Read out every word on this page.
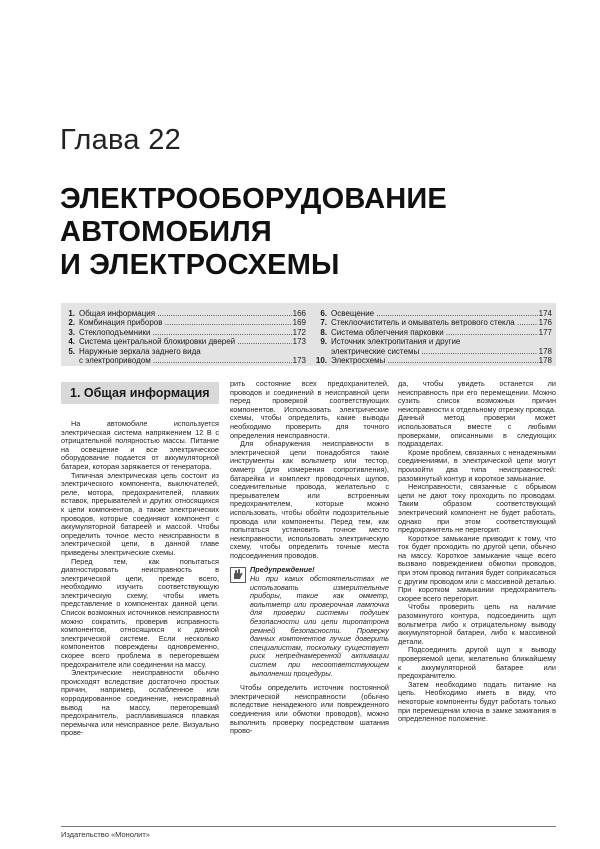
Глава 22
ЭЛЕКТРООБОРУДОВАНИЕ
АВТОМОБИЛЯ
И ЭЛЕКТРОСХЕМЫ
1. Общая информация .....	166
2. Комбинация приборов .....	169
3. Стеклоподъемники .....	172
4. Система центральной блокировки дверей .....	173
5. Наружные зеркала заднего вида
с электроприводом .....	173
6. Освещение .....	174
7. Стеклоочиститель и омыватель ветрового стекла .....	176
8. Система облегчения парковки .....	177
9. Источник электропитания и другие
электрические системы .....	178
10. Электросхемы .....	178
1. Общая информация

На автомобиле используется электрическая система напряжением 12 В с отрицательной полярностью массы. Питание на освещение и все электрическое оборудование подается от аккумуляторной батареи, которая заряжается от генератора.

Типичная электрическая цепь состоит из электрического компонента, выключателей, реле, мотора, предохранителей, плавких вставок, прерывателей и других относящихся к цепи компонентов, а также электрических проводов, которые соединяют компонент с аккумуляторной батареей и массой. Чтобы определить точное место неисправности в электрической цепи, в данной главе приведены электрические схемы.

Перед тем, как попытаться диагностировать неисправность в электрической цепи, прежде всего, необходимо изучить соответствующую электрическую схему, чтобы иметь представление о компонентах данной цепи. Список возможных источников неисправности можно сократить, проверив исправность компонентов, относящихся к данной электрической системе. Если несколько компонентов повреждены одновременно, скорее всего проблема в перегоревшем предохранителе или соединении на массу.

Электрические неисправности обычно происходят вследствие достаточно простых причин, например, ослабленное или корродированное соединение, неисправный вывод на массу, перегоревший предохранитель, расплавившаяся плавкая перемычка или неисправное реле. Визуально прове-

рить состояние всех предохранителей, проводов и соединений в неисправной цепи перед проверкой соответствующих компонентов. Использовать электрические схемы, чтобы определить, какие выводы необходимо проверить для точного определения неисправности.

Для обнаружения неисправности в электрической цепи понадобятся такие инструменты как вольтметр или тестор, омметр (для измерения сопротивления), батарейка и комплект проводочных щупов, соединительные провода, желательно с прерывателем или встроенным предохранителем, которые можно использовать, чтобы обойти подозрительные провода или компоненты. Перед тем, как попытаться установить точное место неисправности, использовать электрическую схему, чтобы определить точные места подсоединения проводов.

Предупреждение!

Ни при каких обстоятельствах не использовать измерительные приборы, такие как омметр, вольтметр или проверочная лампочка для проверки системы подушек безопасности или цепи пиропатрона ремней безопасности. Проверку данных компонентов лучше доверить специалистам, поскольку существует риск непреднамеренной активации систем при несоответствующем выполнении процедуры.

Чтобы определить источник постоянной электрической неисправности (обычно вследствие ненадежного или поврежденного соединения или обмотки проводов), можно выполнить проверку посредством шатания прово-

да, чтобы увидеть останется ли неисправность при его перемещении. Можно сузить список возможных причин неисправности к отдельному отрезку провода. Данный метод проверки может использоваться вместе с любыми проверками, описанными в следующих подразделах.

Кроме проблем, связанных с ненадежными соединениями, в электрической цепи могут произойти два типа неисправностей: разомкнутый контур и короткое замыкание.

Неисправности, связанные с обрывом цепи не дают току проходить по проводам. Таким образом соответствующий электрический компонент не будет работать, однако при этом соответствующий предохранитель не перегорит.

Короткое замыкание приводит к тому, что ток будет проходить по другой цепи, обычно на массу. Короткое замыкание чаще всего вызвано повреждением обмотки проводов, при этом провод питания будет соприкасаться с другим проводом или с массивной деталью. При коротком замыкании предохранитель скорее всего перегорит.

Чтобы проверить цепь на наличие разомкнутого контура, подсоединить щуп вольтметра либо к отрицательному выводу аккумуляторной батареи, либо к массивной детали.

Подсоединить другой щуп к выводу проверяемой цепи, желательно ближайшему к аккумуляторной батарее или предохранителю.

Затем необходимо подать питание на цепь. Необходимо иметь в виду, что некоторые компоненты будут работать только при перемещении ключа в замке зажигания в определенное положение.

Издательство «Монолит»
